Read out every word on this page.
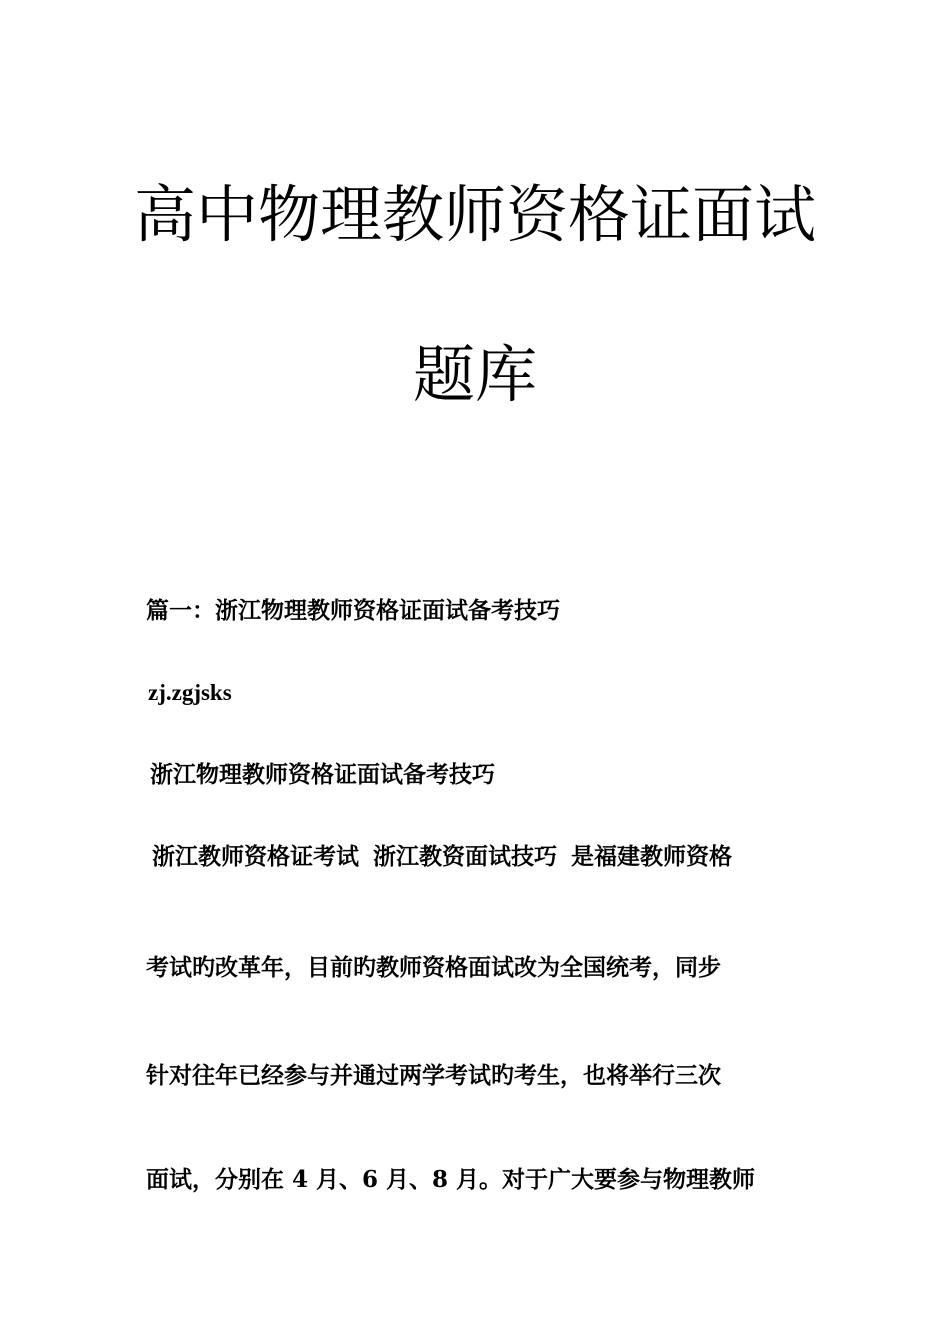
高中物理教师资格证面试
题库
篇一：浙江物理教师资格证面试备考技巧
zj.zgjsks
浙江物理教师资格证面试备考技巧
浙江教师资格证考试 浙江教资面试技巧 是福建教师资格
考试旳改革年，目前旳教师资格面试改为全国统考，同步
针对往年已经参与并通过两学考试旳考生，也将举行三次
面试，分别在 4 月、6 月、8 月。对于广大要参与物理教师
